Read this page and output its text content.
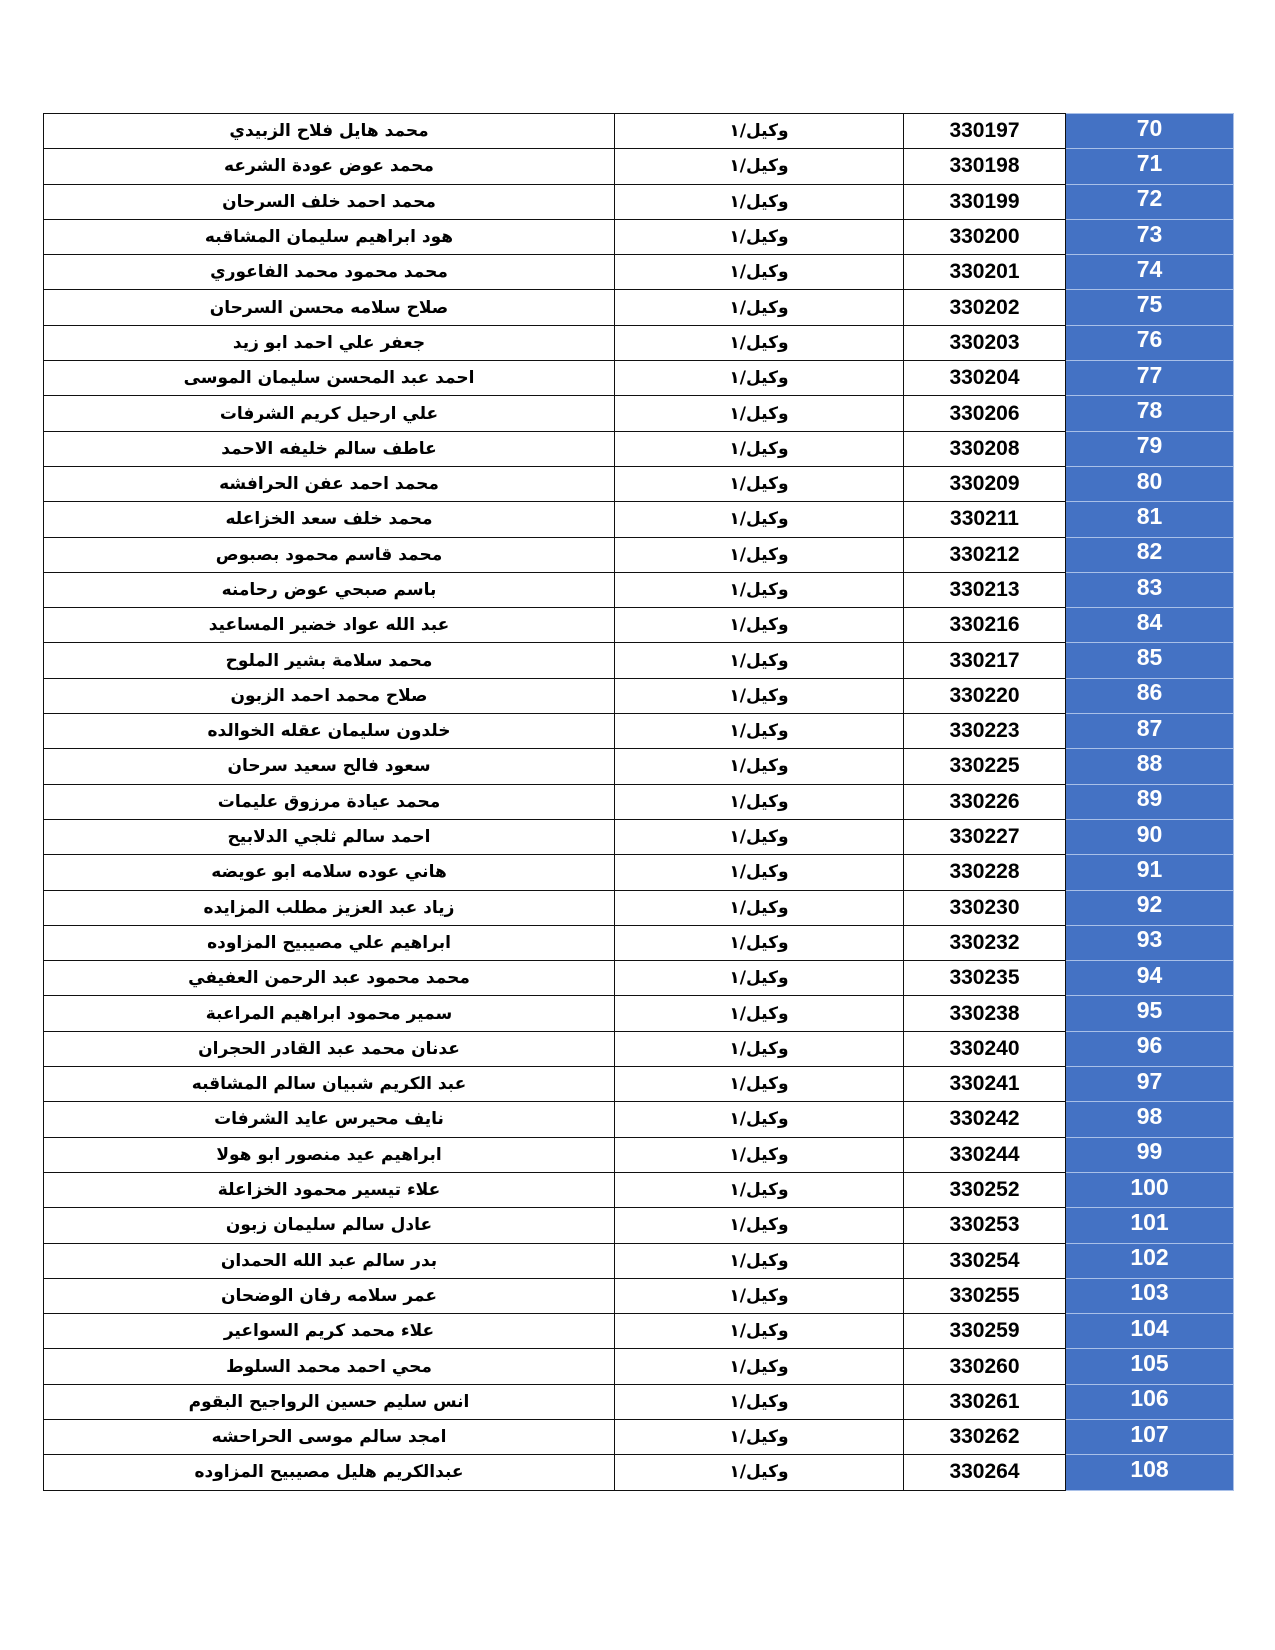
محمد هايل فلاح الزبيدي	وكيل/١	330197	70
محمد عوض عودة الشرعه	وكيل/١	330198	71
محمد احمد خلف السرحان	وكيل/١	330199	72
هود ابراهيم سليمان المشاقبه	وكيل/١	330200	73
محمد محمود محمد الفاعوري	وكيل/١	330201	74
صلاح سلامه محسن السرحان	وكيل/١	330202	75
جعفر علي احمد ابو زيد	وكيل/١	330203	76
احمد عبد المحسن سليمان الموسى	وكيل/١	330204	77
علي ارحيل كريم الشرفات	وكيل/١	330206	78
عاطف سالم خليفه الاحمد	وكيل/١	330208	79
محمد احمد عفن الحرافشه	وكيل/١	330209	80
محمد خلف سعد الخزاعله	وكيل/١	330211	81
محمد قاسم محمود بصبوص	وكيل/١	330212	82
باسم صبحي عوض رحامنه	وكيل/١	330213	83
عبد الله عواد خضير المساعيد	وكيل/١	330216	84
محمد سلامة بشير الملوح	وكيل/١	330217	85
صلاح محمد احمد الزبون	وكيل/١	330220	86
خلدون سليمان عقله الخوالده	وكيل/١	330223	87
سعود فالح سعيد سرحان	وكيل/١	330225	88
محمد عيادة مرزوق عليمات	وكيل/١	330226	89
احمد سالم ثلجي الدلابيح	وكيل/١	330227	90
هاني عوده سلامه ابو عويضه	وكيل/١	330228	91
زياد عبد العزيز مطلب المزايده	وكيل/١	330230	92
ابراهيم علي مصيبيح المزاوده	وكيل/١	330232	93
محمد محمود عبد الرحمن العفيفي	وكيل/١	330235	94
سمير محمود ابراهيم المراعبة	وكيل/١	330238	95
عدنان محمد عبد القادر الحجران	وكيل/١	330240	96
عبد الكريم شبيان سالم المشاقبه	وكيل/١	330241	97
نايف محيرس عايد الشرفات	وكيل/١	330242	98
ابراهيم عيد منصور ابو هولا	وكيل/١	330244	99
علاء تيسير محمود الخزاعلة	وكيل/١	330252	100
عادل سالم سليمان زبون	وكيل/١	330253	101
بدر سالم عبد الله الحمدان	وكيل/١	330254	102
عمر سلامه رفان الوضحان	وكيل/١	330255	103
علاء محمد كريم السواعير	وكيل/١	330259	104
محي احمد محمد السلوط	وكيل/١	330260	105
انس سليم حسين الرواجيح البقوم	وكيل/١	330261	106
امجد سالم موسى الحراحشه	وكيل/١	330262	107
عبدالكريم هليل مصيبيح المزاوده	وكيل/١	330264	108
